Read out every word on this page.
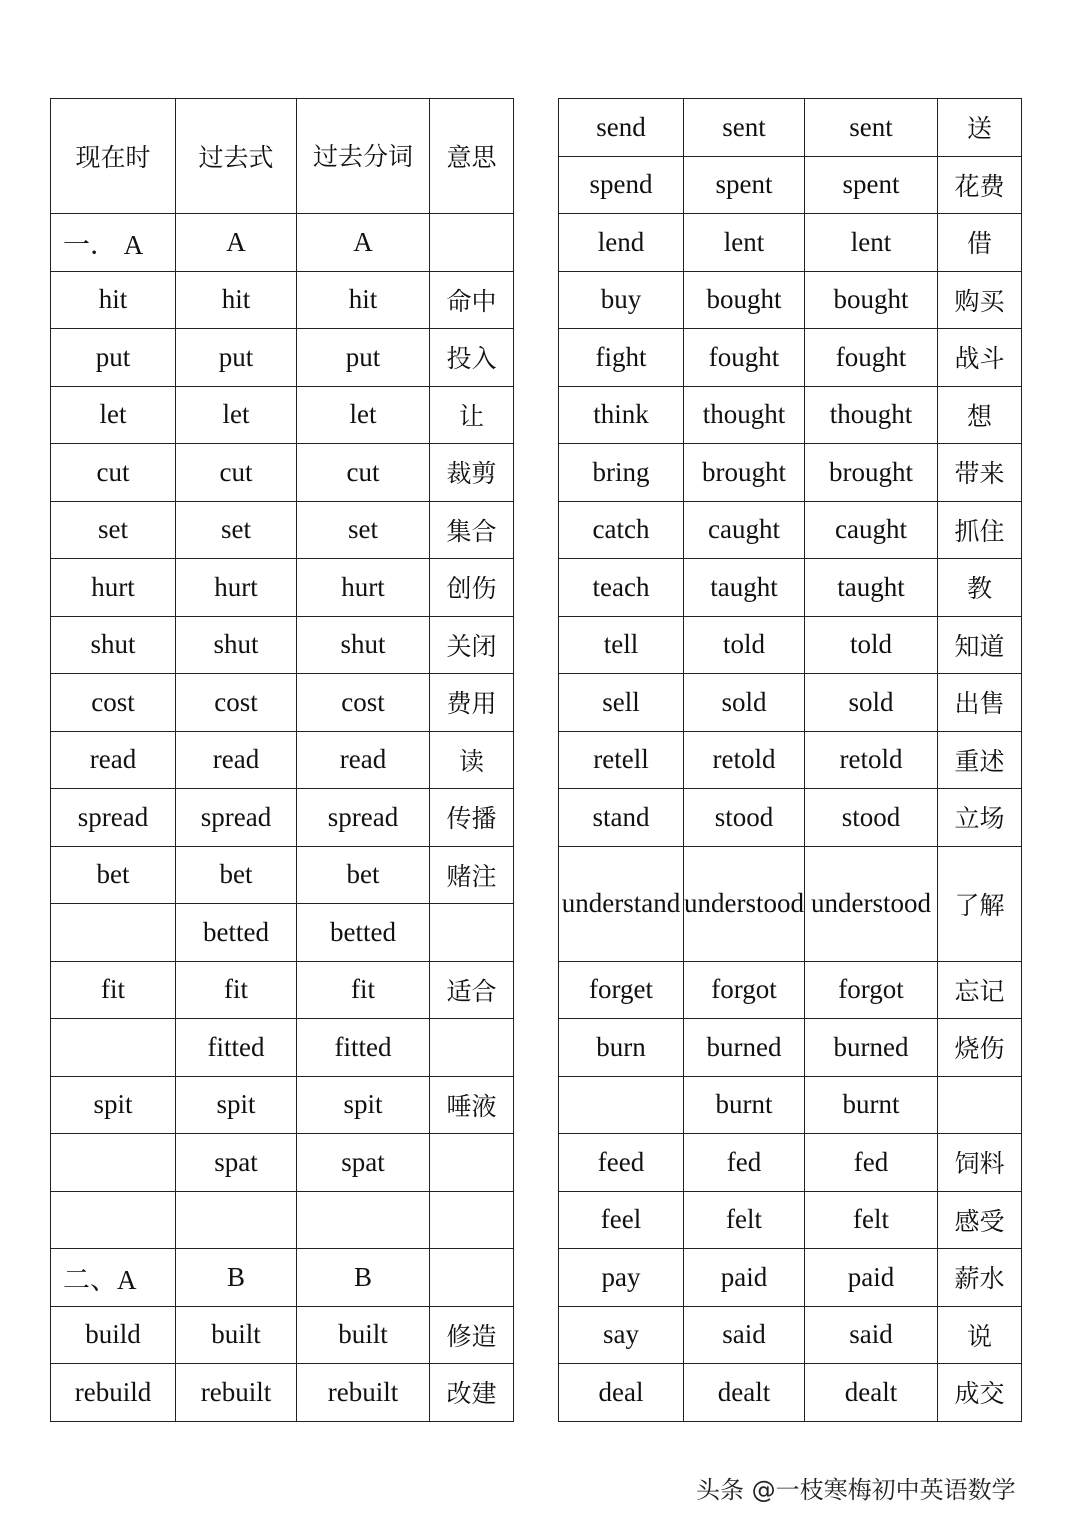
现在时	过去式	过去分词	意思
一． A	A	A	
hit	hit	hit	命中
put	put	put	投入
let	let	let	让
cut	cut	cut	裁剪
set	set	set	集合
hurt	hurt	hurt	创伤
shut	shut	shut	关闭
cost	cost	cost	费用
read	read	read	读
spread	spread	spread	传播
bet	bet	bet	赌注
	betted	betted	
fit	fit	fit	适合
	fitted	fitted	
spit	spit	spit	唾液
	spat	spat	

二、A	B	B	
build	built	built	修造
rebuild	rebuilt	rebuilt	改建
send	sent	sent	送
spend	spent	spent	花费
lend	lent	lent	借
buy	bought	bought	购买
fight	fought	fought	战斗
think	thought	thought	想
bring	brought	brought	带来
catch	caught	caught	抓住
teach	taught	taught	教
tell	told	told	知道
sell	sold	sold	出售
retell	retold	retold	重述
stand	stood	stood	立场
understand	understood	understood	了解
forget	forgot	forgot	忘记
burn	burned	burned	烧伤
	burnt	burnt	
feed	fed	fed	饲料
feel	felt	felt	感受
pay	paid	paid	薪水
say	said	said	说
deal	dealt	dealt	成交
头条 @一枝寒梅初中英语数学
